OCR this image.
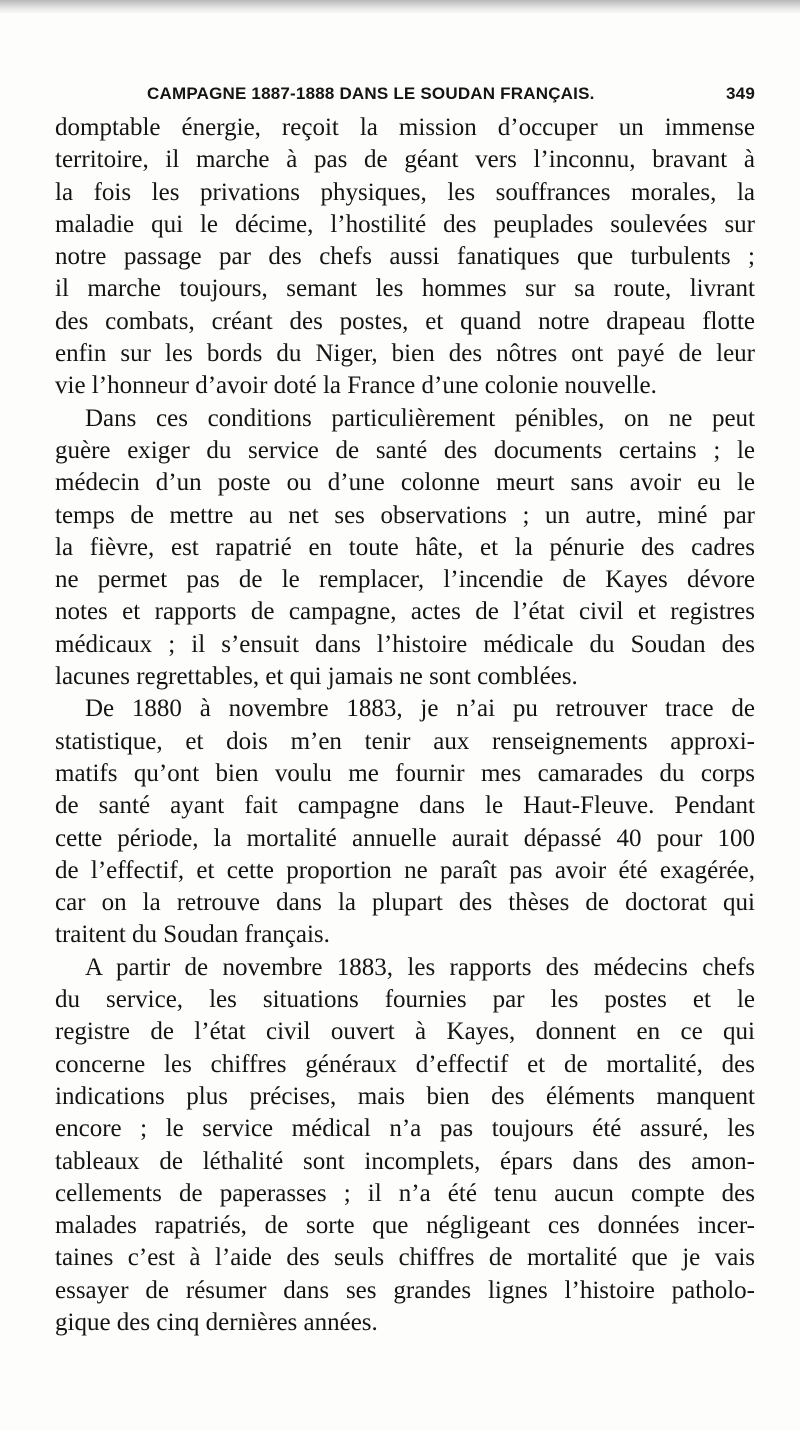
CAMPAGNE 1887-1888 DANS LE SOUDAN FRANÇAIS.	349
domptable énergie, reçoit la mission d’occuper un immense
territoire, il marche à pas de géant vers l’inconnu, bravant à
la fois les privations physiques, les souffrances morales, la
maladie qui le décime, l’hostilité des peuplades soulevées sur
notre passage par des chefs aussi fanatiques que turbulents ;
il marche toujours, semant les hommes sur sa route, livrant
des combats, créant des postes, et quand notre drapeau flotte
enfin sur les bords du Niger, bien des nôtres ont payé de leur
vie l’honneur d’avoir doté la France d’une colonie nouvelle.
Dans ces conditions particulièrement pénibles, on ne peut
guère exiger du service de santé des documents certains ; le
médecin d’un poste ou d’une colonne meurt sans avoir eu le
temps de mettre au net ses observations ; un autre, miné par
la fièvre, est rapatrié en toute hâte, et la pénurie des cadres
ne permet pas de le remplacer, l’incendie de Kayes dévore
notes et rapports de campagne, actes de l’état civil et registres
médicaux ; il s’ensuit dans l’histoire médicale du Soudan des
lacunes regrettables, et qui jamais ne sont comblées.
De 1880 à novembre 1883, je n’ai pu retrouver trace de
statistique, et dois m’en tenir aux renseignements approxi-
matifs qu’ont bien voulu me fournir mes camarades du corps
de santé ayant fait campagne dans le Haut-Fleuve. Pendant
cette période, la mortalité annuelle aurait dépassé 40 pour 100
de l’effectif, et cette proportion ne paraît pas avoir été exagérée,
car on la retrouve dans la plupart des thèses de doctorat qui
traitent du Soudan français.
A partir de novembre 1883, les rapports des médecins chefs
du service, les situations fournies par les postes et le
registre de l’état civil ouvert à Kayes, donnent en ce qui
concerne les chiffres généraux d’effectif et de mortalité, des
indications plus précises, mais bien des éléments manquent
encore ; le service médical n’a pas toujours été assuré, les
tableaux de léthalité sont incomplets, épars dans des amon-
cellements de paperasses ; il n’a été tenu aucun compte des
malades rapatriés, de sorte que négligeant ces données incer-
taines c’est à l’aide des seuls chiffres de mortalité que je vais
essayer de résumer dans ses grandes lignes l’histoire patholo-
gique des cinq dernières années.
